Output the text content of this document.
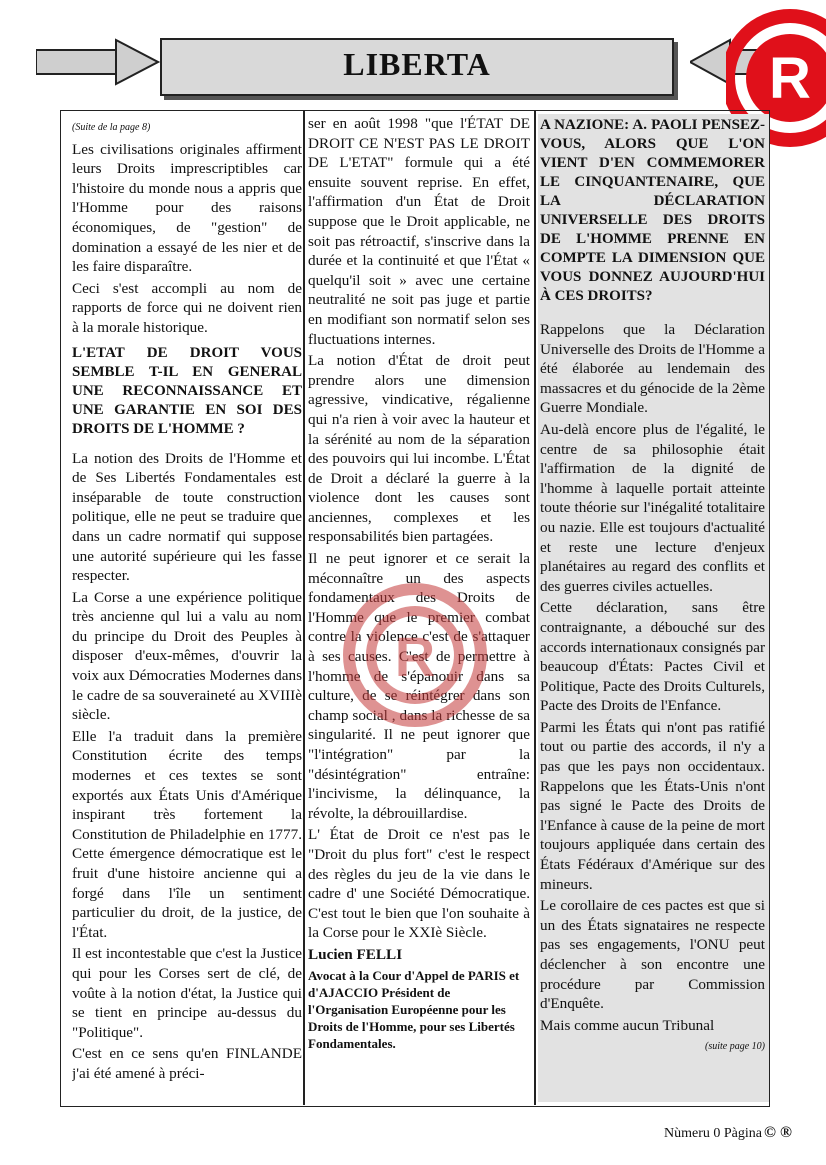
LIBERTA	R

(Suite de la page 8)

Les civilisations originales affirment leurs Droits imprescriptibles car l'histoire du monde nous a appris que l'Homme pour des raisons économiques, de "gestion" de domination a essayé de les nier et de les faire disparaître.

Ceci s'est accompli au nom de rapports de force qui ne doivent rien à la morale historique.

L'ETAT DE DROIT VOUS SEMBLE T-IL EN GENERAL UNE RECONNAISSANCE ET UNE GARANTIE EN SOI DES DROITS DE L'HOMME ?

La notion des Droits de l'Homme et de Ses Libertés Fondamentales est inséparable de toute construction politique, elle ne peut se traduire que dans un cadre normatif qui suppose une autorité supérieure qui les fasse respecter.

La Corse a une expérience politique très ancienne qul lui a valu au nom du principe du Droit des Peuples à disposer d'eux-mêmes, d'ouvrir la voix aux Démocraties Modernes dans le cadre de sa souveraineté au XVIIIè siècle.

Elle l'a traduit dans la première Constitution écrite des temps modernes et ces textes se sont exportés aux États Unis d'Amérique inspirant très fortement la Constitution de Philadelphie en 1777. Cette émergence démocratique est le fruit d'une histoire ancienne qui a forgé dans l'île un sentiment particulier du droit, de la justice, de l'État.

Il est incontestable que c'est la Justice qui pour les Corses sert de clé, de voûte à la notion d'état, la Justice qui se tient en principe au-dessus du "Politique".

C'est en ce sens qu'en FINLANDE j'ai été amené à préci-

ser en août 1998 "que l'ÉTAT DE DROIT CE N'EST PAS LE DROIT DE L'ETAT" formule qui a été ensuite souvent reprise. En effet, l'affirmation d'un État de Droit suppose que le Droit applicable, ne soit pas rétroactif, s'inscrive dans la durée et la continuité et que l'État « quelqu'il soit » avec une certaine neutralité ne soit pas juge et partie en modifiant son normatif selon ses fluctuations internes.

La notion d'État de droit peut prendre alors une dimension agressive, vindicative, régalienne qui n'a rien à voir avec la hauteur et la sérénité au nom de la séparation des pouvoirs qui lui incombe. L'État de Droit a déclaré la guerre à la violence dont les causes sont anciennes, complexes et les responsabilités bien partagées.

Il ne peut ignorer et ce serait la méconnaître un des aspects fondamentaux des Droits de l'Homme que le premier combat contre la violence c'est de s'attaquer à ses causes. C'est de permettre à l'homme de s'épanouir dans sa culture, de se réintégrer dans son champ social , dans la richesse de sa singularité. Il ne peut ignorer que "l'intégration" par la "désintégration" entraîne: l'incivisme, la délinquance, la révolte, la débrouillardise.

L' État de Droit ce n'est pas le "Droit du plus fort" c'est le respect des règles du jeu de la vie dans le cadre d' une Société Démocratique. C'est tout le bien que l'on souhaite à la Corse pour le XXIè Siècle.

Lucien FELLI

Avocat à la Cour d'Appel de PARIS et d'AJACCIO Président de l'Organisation Européenne pour les Droits de l'Homme, pour ses Libertés Fondamentales.

A NAZIONE: A. PAOLI PENSEZ-VOUS, ALORS QUE L'ON VIENT D'EN COMMEMORER LE CINQUANTENAIRE, QUE LA DÉCLARATION UNIVERSELLE DES DROITS DE L'HOMME PRENNE EN COMPTE LA DIMENSION QUE VOUS DONNEZ AUJOURD'HUI À CES DROITS?

Rappelons que la Déclaration Universelle des Droits de l'Homme a été élaborée au lendemain des massacres et du génocide de la 2ème Guerre Mondiale.

Au-delà encore plus de l'égalité, le centre de sa philosophie était l'affirmation de la dignité de l'homme à laquelle portait atteinte toute théorie sur l'inégalité totalitaire ou nazie. Elle est toujours d'actualité et reste une lecture d'enjeux planétaires au regard des conflits et des guerres civiles actuelles.

Cette déclaration, sans être contraignante, a débouché sur des accords internationaux consignés par beaucoup d'États: Pactes Civil et Politique, Pacte des Droits Culturels, Pacte des Droits de l'Enfance.

Parmi les États qui n'ont pas ratifié tout ou partie des accords, il n'y a pas que les pays non occidentaux. Rappelons que les États-Unis n'ont pas signé le Pacte des Droits de l'Enfance à cause de la peine de mort toujours appliquée dans certain des États Fédéraux d'Amérique sur des mineurs.

Le corollaire de ces pactes est que si un des États signataires ne respecte pas ses engagements, l'ONU peut déclencher à son encontre une procédure par Commission d'Enquête.

Mais comme aucun Tribunal

(suite page 10)

R
Nùmeru 0 Pàgina © ®
